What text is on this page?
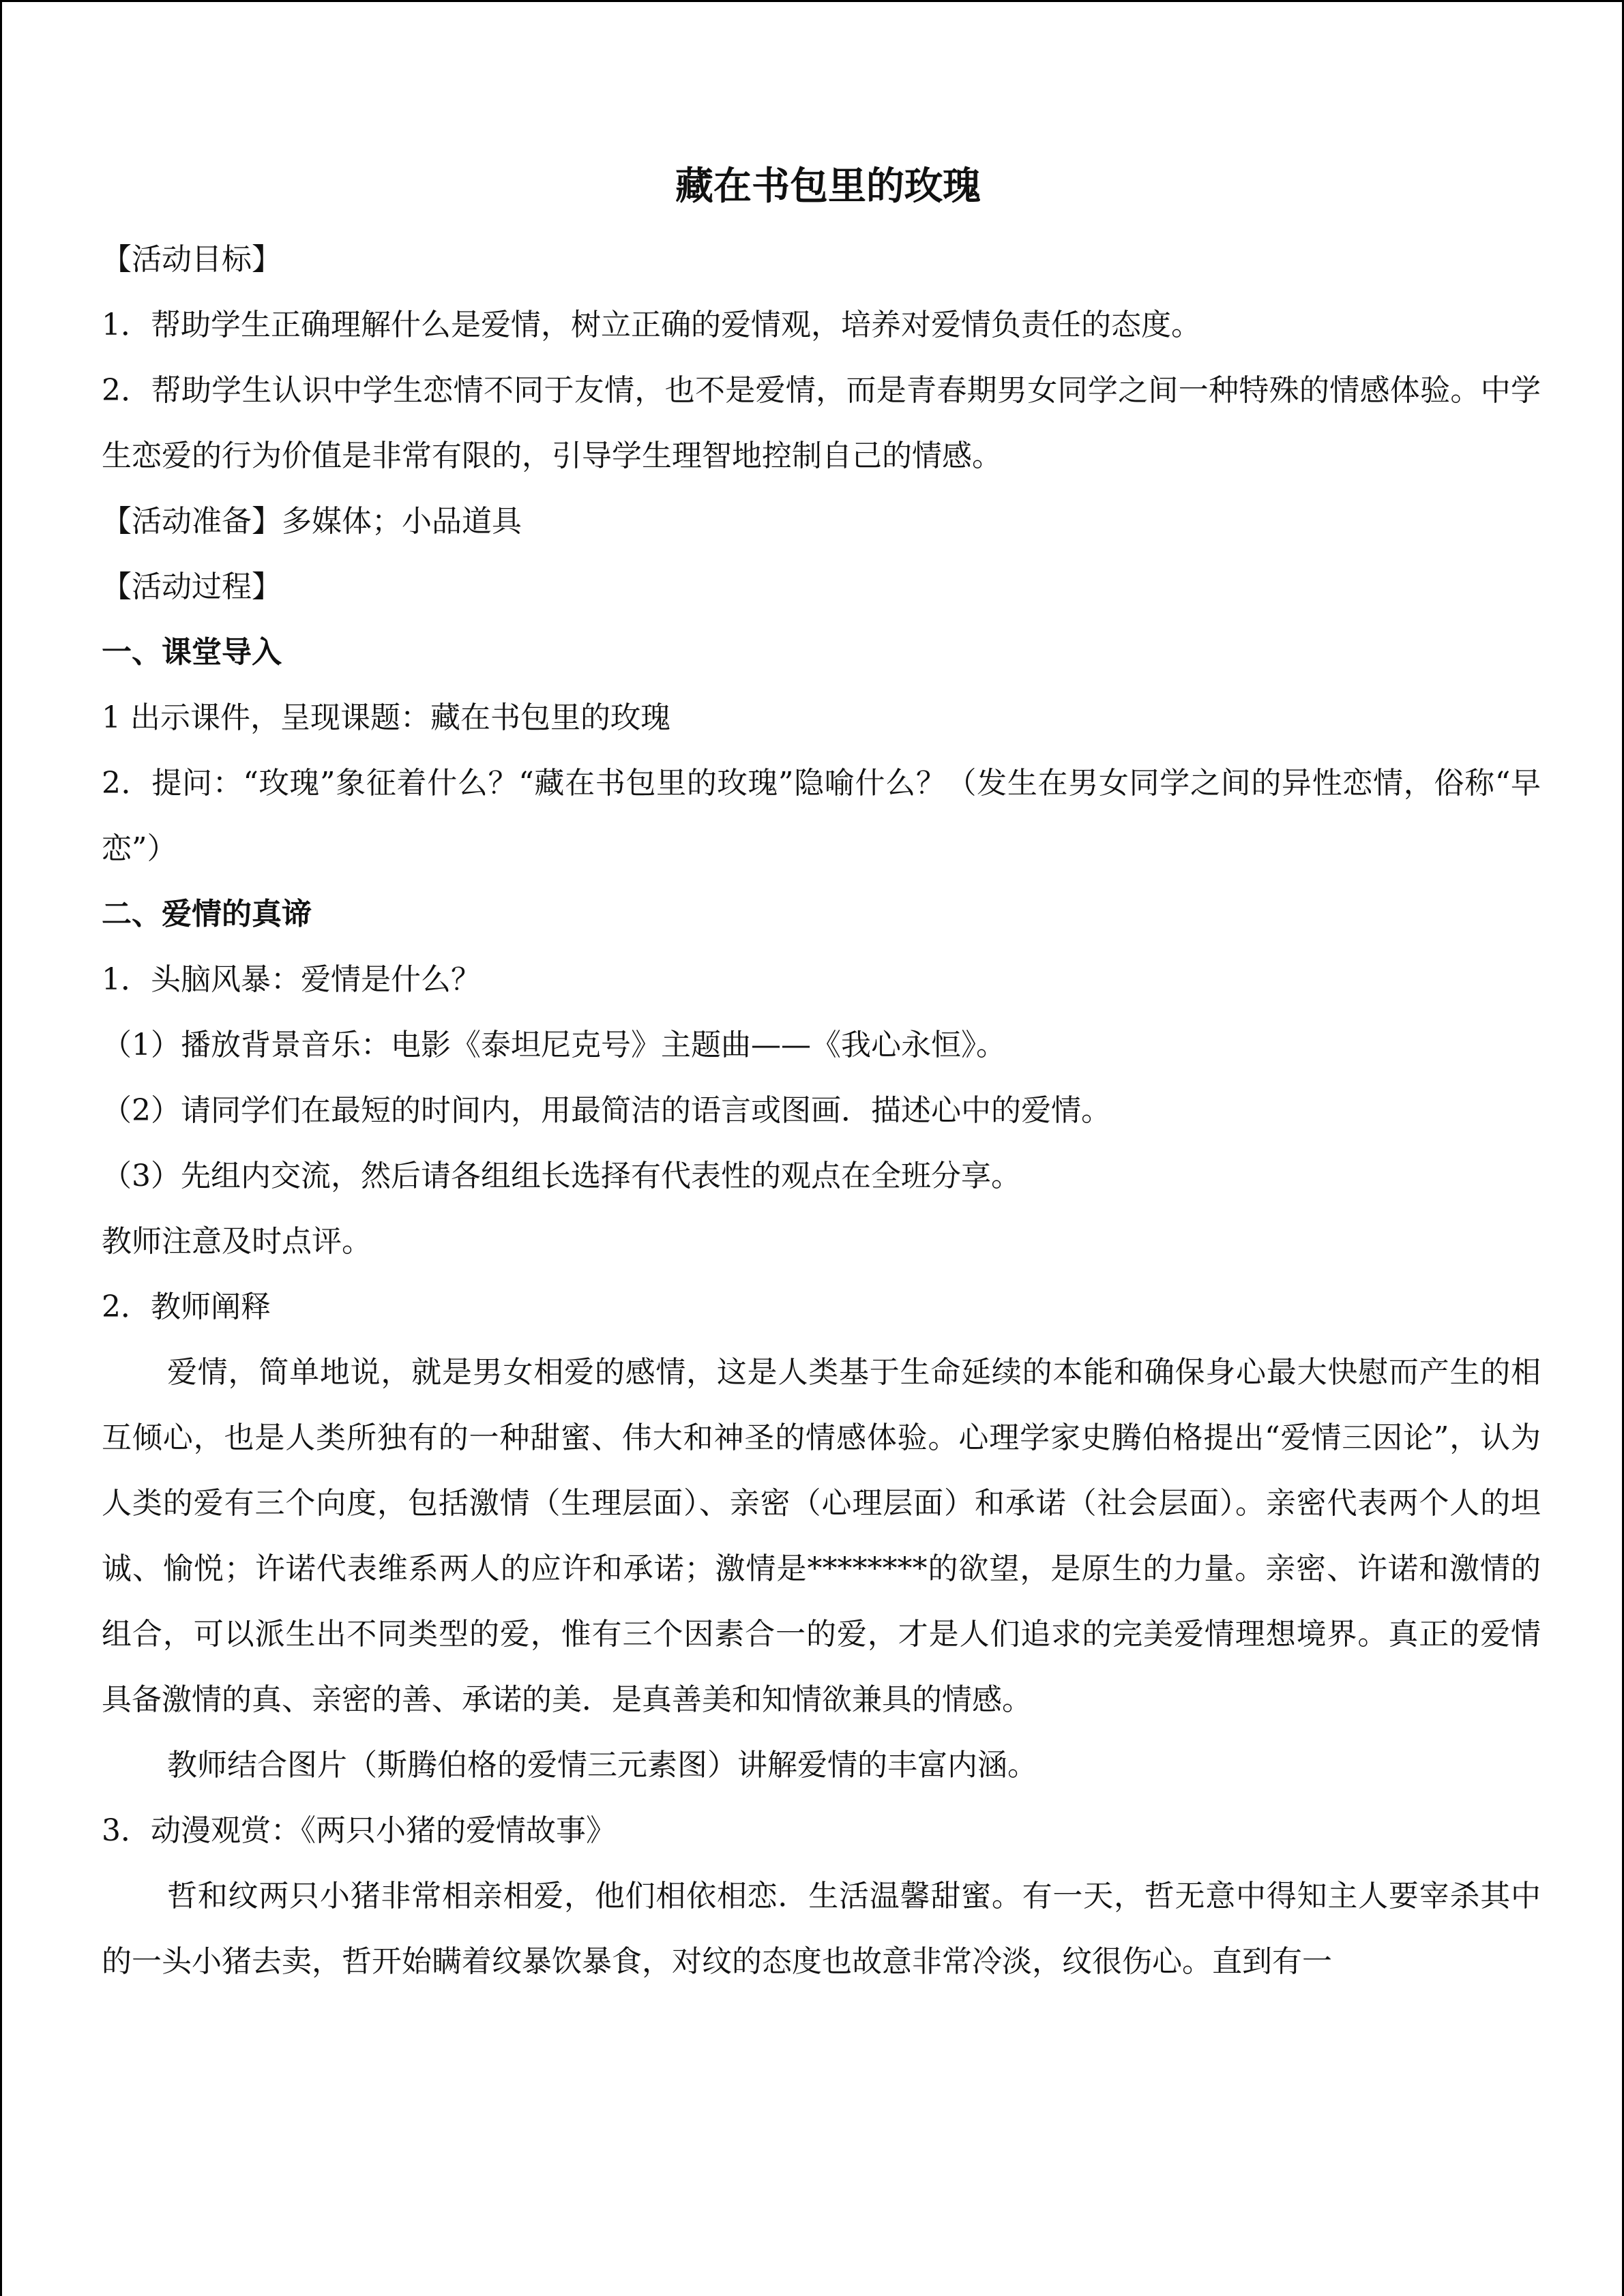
藏在书包里的玫瑰

【活动目标】

1．帮助学生正确理解什么是爱情，树立正确的爱情观，培养对爱情负责任的态度。

2．帮助学生认识中学生恋情不同于友情，也不是爱情，而是青春期男女同学之间一种特殊的情感体验。中学生恋爱的行为价值是非常有限的，引导学生理智地控制自己的情感。

【活动准备】多媒体；小品道具

【活动过程】

一、课堂导入

1 出示课件，呈现课题：藏在书包里的玫瑰

2．提问：“玫瑰”象征着什么？“藏在书包里的玫瑰”隐喻什么？（发生在男女同学之间的异性恋情，俗称“早恋”）

二、爱情的真谛

1．头脑风暴：爱情是什么？

（1）播放背景音乐：电影《泰坦尼克号》主题曲——《我心永恒》。

（2）请同学们在最短的时间内，用最简洁的语言或图画．描述心中的爱情。

（3）先组内交流，然后请各组组长选择有代表性的观点在全班分享。

教师注意及时点评。

2．教师阐释

爱情，简单地说，就是男女相爱的感情，这是人类基于生命延续的本能和确保身心最大快慰而产生的相互倾心，也是人类所独有的一种甜蜜、伟大和神圣的情感体验。心理学家史腾伯格提出“爱情三因论”，认为人类的爱有三个向度，包括激情（生理层面）、亲密（心理层面）和承诺（社会层面）。亲密代表两个人的坦诚、愉悦；许诺代表维系两人的应许和承诺；激情是********的欲望，是原生的力量。亲密、许诺和激情的组合，可以派生出不同类型的爱，惟有三个因素合一的爱，才是人们追求的完美爱情理想境界。真正的爱情具备激情的真、亲密的善、承诺的美．是真善美和知情欲兼具的情感。

教师结合图片（斯腾伯格的爱情三元素图）讲解爱情的丰富内涵。

3．动漫观赏：《两只小猪的爱情故事》

哲和纹两只小猪非常相亲相爱，他们相依相恋．生活温馨甜蜜。有一天，哲无意中得知主人要宰杀其中的一头小猪去卖，哲开始瞒着纹暴饮暴食，对纹的态度也故意非常冷淡，纹很伤心。直到有一
